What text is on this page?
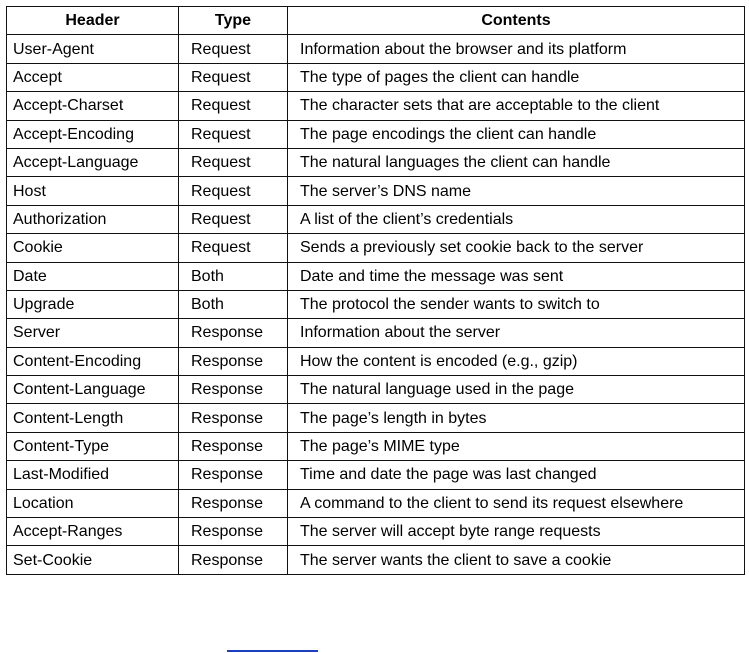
Header	Type	Contents
User-Agent	Request	Information about the browser and its platform
Accept	Request	The type of pages the client can handle
Accept-Charset	Request	The character sets that are acceptable to the client
Accept-Encoding	Request	The page encodings the client can handle
Accept-Language	Request	The natural languages the client can handle
Host	Request	The server’s DNS name
Authorization	Request	A list of the client’s credentials
Cookie	Request	Sends a previously set cookie back to the server
Date	Both	Date and time the message was sent
Upgrade	Both	The protocol the sender wants to switch to
Server	Response	Information about the server
Content-Encoding	Response	How the content is encoded (e.g., gzip)
Content-Language	Response	The natural language used in the page
Content-Length	Response	The page’s length in bytes
Content-Type	Response	The page’s MIME type
Last-Modified	Response	Time and date the page was last changed
Location	Response	A command to the client to send its request elsewhere
Accept-Ranges	Response	The server will accept byte range requests
Set-Cookie	Response	The server wants the client to save a cookie
